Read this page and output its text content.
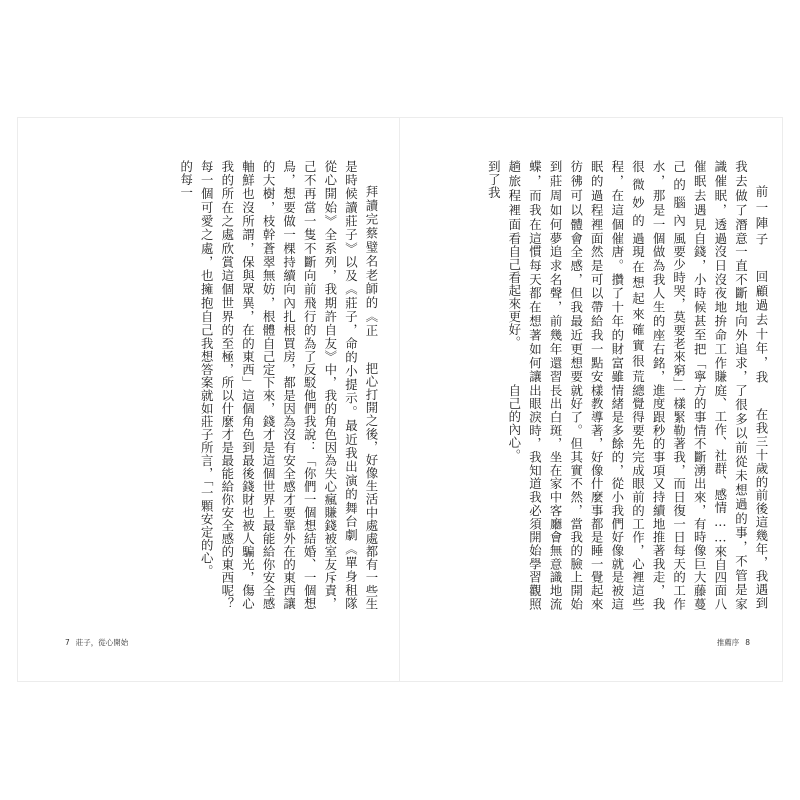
把心打開之後，好像生活中處處都有一些生命的小提示。最近我出演的舞台劇《單身租隊友》中，我的角色因為失心瘋賺錢被室友斥責，為了反駁他們我說：「你們一個想結婚、一個想買房，都是因為沒有安全感才要靠外在的東西讓自己定下來，錢才是這個世界上最能給你安全感的東西」這個角色到最後錢財也被人騙光，傷心至極，所以什麼才是最能給你安全感的東西呢？我想答案就如莊子所言，「一顆安定的心。

拜讀完蔡璧名老師的《正是時候讀莊子》以及《莊子，從心開始》全系列，我期許自己不再當一隻不斷向前飛行的鳥，想要做一棵持續向內扎根的大樹，枝幹蒼翠無妨，根體軸鮮也沒所謂，保與眾異，在我的所在之處欣賞這個世界的每一個可愛之處，也擁抱自己的每一

7 莊子，從心開始

在我三十歲的前後這幾年，我遇到了很多以前從未想過的事，不管是家庭、工作、社群、感情……來自四面八方的事情不斷湧出來，有時像巨大藤蔓一樣緊勒著我，而日復一日每天的工作進度跟秒的事項又持續地推著我走，我總覺得要先完成眼前的工作，心裡這些情緒是多餘的，從小我們好像就是被這樣教導著，好像什麼事都是睡一覺起來就好了。但其實不然，當我的臉上開始長出白斑，坐在家中客廳會無意識地流出眼淚時，我知道我必須開始學習觀照自己的內心。

回顧過去十年，我一直不斷地向外追求，沒日沒夜地拚命工作賺錢，小時候甚至把「寧要少時哭，莫要老來窮」做為我人生的座右銘，現在想起來確實很荒唐。攢了十年的財富雖然是可以帶給我一點安全感，但我最近更想要追求名聲，前幾年還習慣每天都在想著如何讓自己看起來更好。

前一陣子我去做了潛意識催眠，透過催眠去遇見自己的腦內風水，那是一個很微妙的過程，在這個催眠的過程裡面彷彿可以體會到莊周如何夢蝶，而我在這趟旅程裡面看到了我

推薦序 8
